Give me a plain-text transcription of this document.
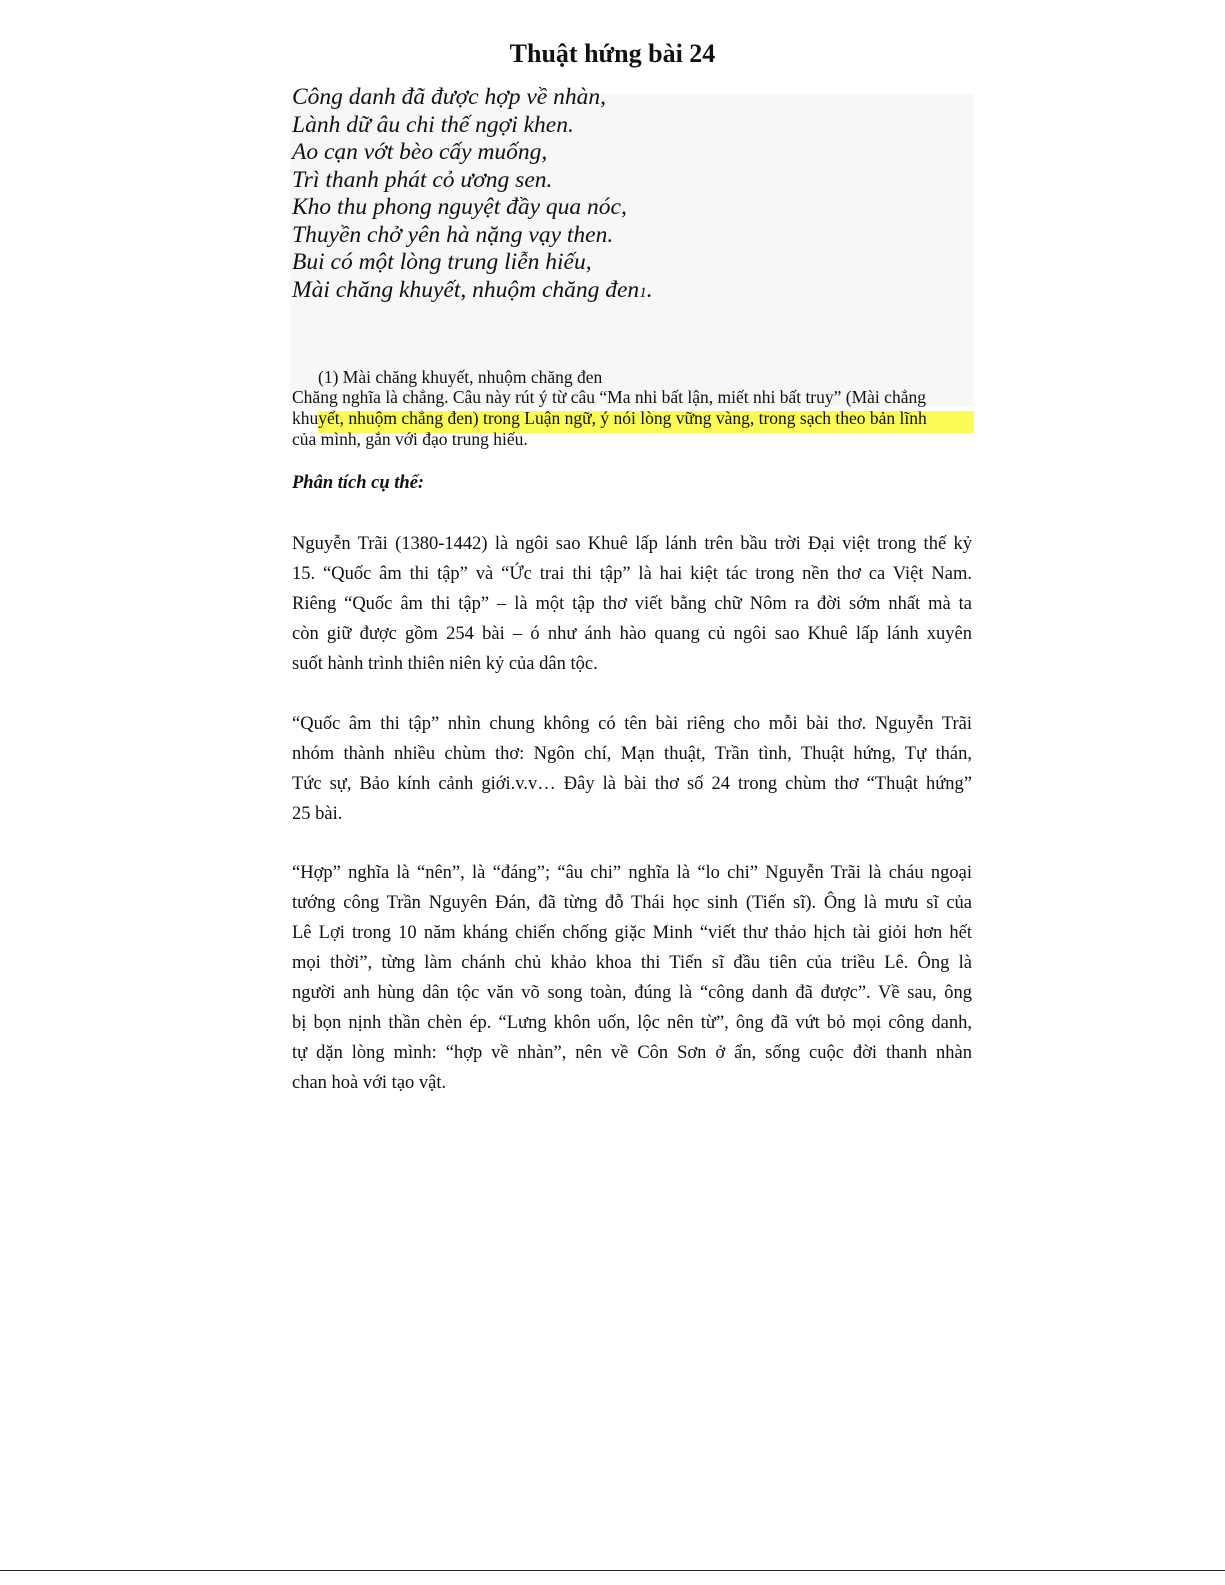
Thuật hứng bài 24
Công danh đã được hợp về nhàn,
Lành dữ âu chi thế ngợi khen.
Ao cạn vớt bèo cấy muống,
Trì thanh phát cỏ ương sen.
Kho thu phong nguyệt đầy qua nóc,
Thuyền chở yên hà nặng vạy then.
Bui có một lòng trung liễn hiếu,
Mài chăng khuyết, nhuộm chăng đen1.
(1) Mài chăng khuyết, nhuộm chăng đen
Chăng nghĩa là chẳng. Câu này rút ý từ câu “Ma nhi bất lận, miết nhi bất truy” (Mài chẳng
khuyết, nhuộm chẳng đen) trong Luận ngữ, ý nói lòng vững vàng, trong sạch theo bản lĩnh
của mình, gắn với đạo trung hiếu.
Phân tích cụ thể:
Nguyễn Trãi (1380-1442) là ngôi sao Khuê lấp lánh trên bầu trời Đại việt trong thế kỷ
15. “Quốc âm thi tập” và “Ức trai thi tập” là hai kiệt tác trong nền thơ ca Việt Nam.
Riêng “Quốc âm thi tập” – là một tập thơ viết bằng chữ Nôm ra đời sớm nhất mà ta
còn giữ được gồm 254 bài – ó như ánh hào quang củ ngôi sao Khuê lấp lánh xuyên
suốt hành trình thiên niên kỷ của dân tộc.
“Quốc âm thi tập” nhìn chung không có tên bài riêng cho mỗi bài thơ. Nguyễn Trãi
nhóm thành nhiều chùm thơ: Ngôn chí, Mạn thuật, Trần tình, Thuật hứng, Tự thán,
Tức sự, Bảo kính cảnh giới.v.v… Đây là bài thơ số 24 trong chùm thơ “Thuật hứng”
25 bài.
“Hợp” nghĩa là “nên”, là “đáng”; “âu chi” nghĩa là “lo chi” Nguyễn Trãi là cháu ngoại
tướng công Trần Nguyên Đán, đã từng đỗ Thái học sinh (Tiến sĩ). Ông là mưu sĩ của
Lê Lợi trong 10 năm kháng chiến chống giặc Minh “viết thư thảo hịch tài giỏi hơn hết
mọi thời”, từng làm chánh chủ khảo khoa thi Tiến sĩ đầu tiên của triều Lê. Ông là
người anh hùng dân tộc văn võ song toàn, đúng là “công danh đã được”. Về sau, ông
bị bọn nịnh thần chèn ép. “Lưng khôn uốn, lộc nên từ”, ông đã vứt bỏ mọi công danh,
tự dặn lòng mình: “hợp về nhàn”, nên về Côn Sơn ở ẩn, sống cuộc đời thanh nhàn
chan hoà với tạo vật.
